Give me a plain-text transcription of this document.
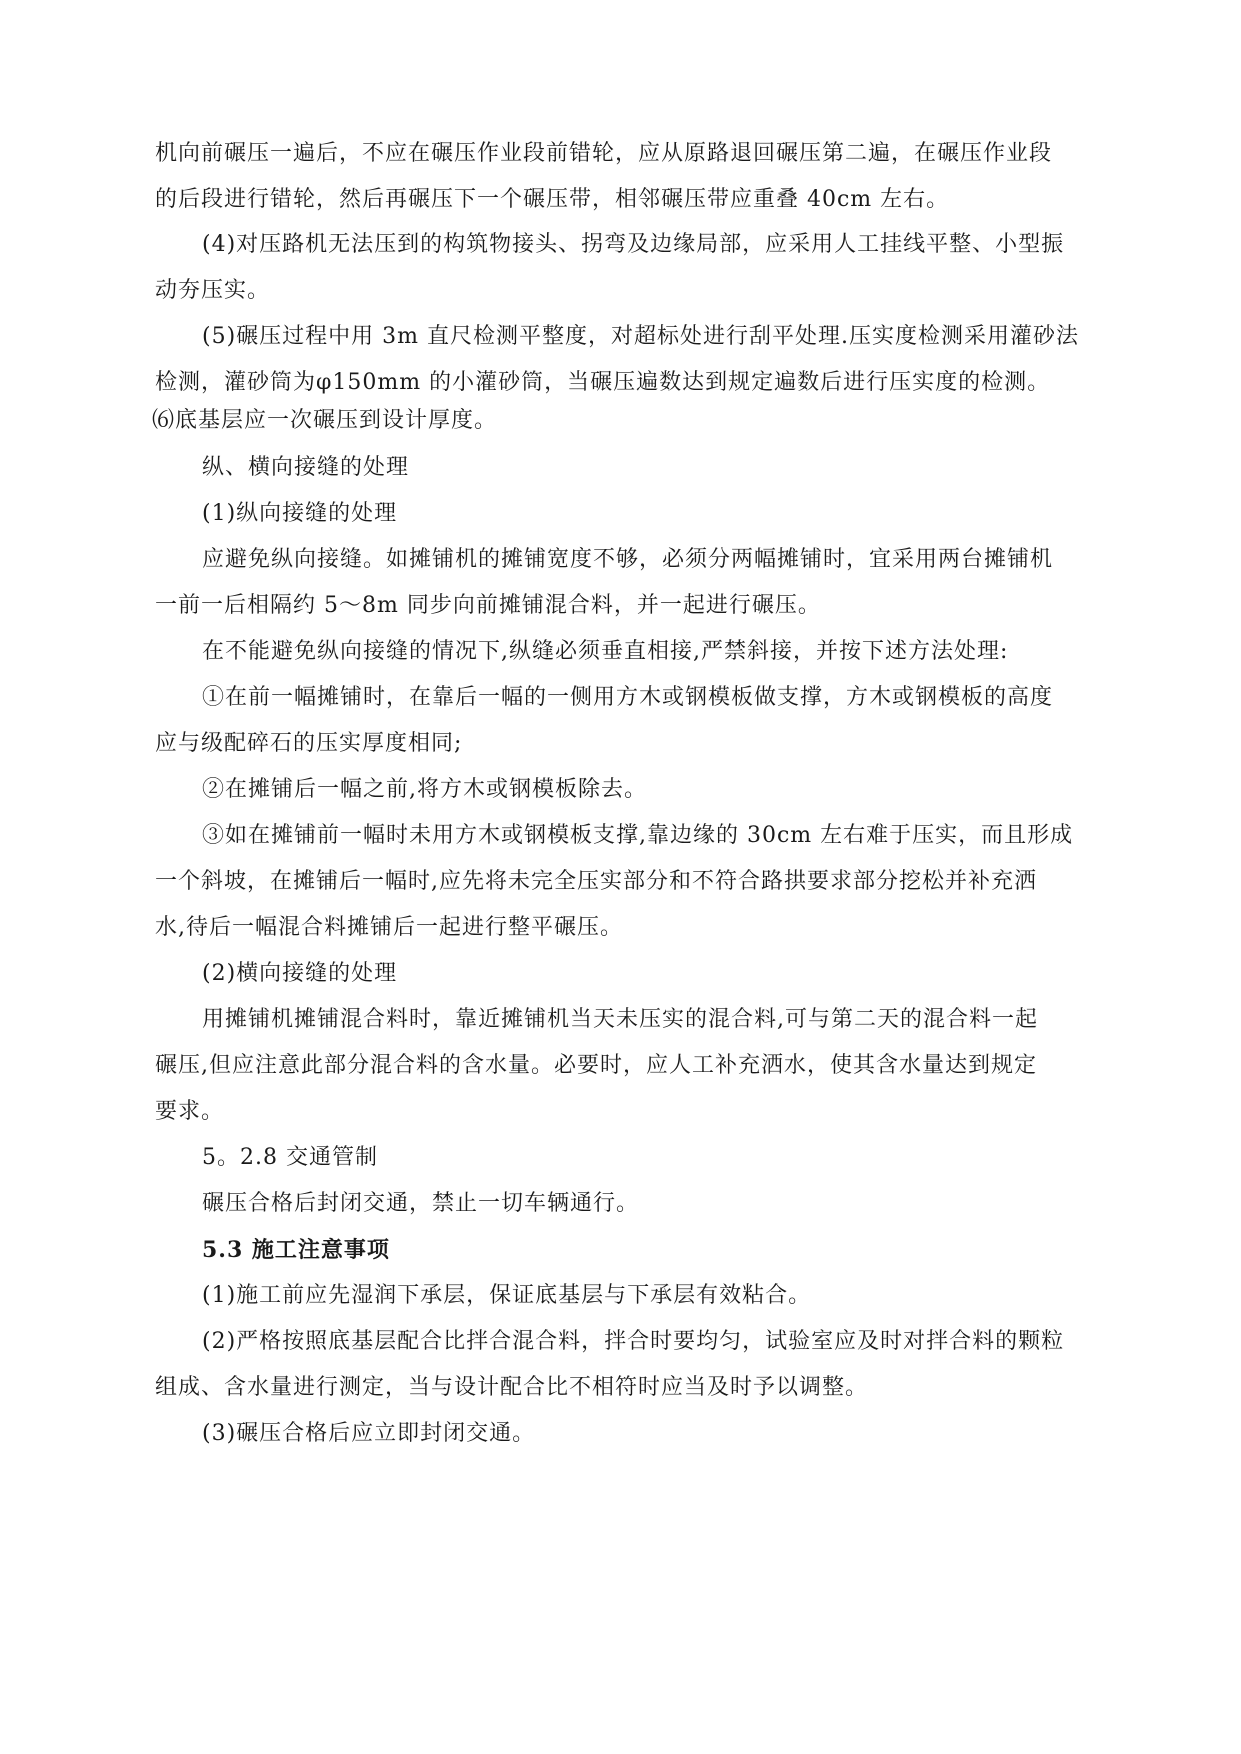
机向前碾压一遍后，不应在碾压作业段前错轮，应从原路退回碾压第二遍，在碾压作业段
的后段进行错轮，然后再碾压下一个碾压带，相邻碾压带应重叠 40cm 左右。
(4)对压路机无法压到的构筑物接头、拐弯及边缘局部，应采用人工挂线平整、小型振
动夯压实。
(5)碾压过程中用 3m 直尺检测平整度，对超标处进行刮平处理.压实度检测采用灌砂法
检测，灌砂筒为φ150mm 的小灌砂筒，当碾压遍数达到规定遍数后进行压实度的检测。
⑹底基层应一次碾压到设计厚度。
纵、横向接缝的处理
(1)纵向接缝的处理
应避免纵向接缝。如摊铺机的摊铺宽度不够，必须分两幅摊铺时，宜采用两台摊铺机
一前一后相隔约 5～8m 同步向前摊铺混合料，并一起进行碾压。
在不能避免纵向接缝的情况下,纵缝必须垂直相接,严禁斜接，并按下述方法处理:
①在前一幅摊铺时，在靠后一幅的一侧用方木或钢模板做支撑，方木或钢模板的高度
应与级配碎石的压实厚度相同;
②在摊铺后一幅之前,将方木或钢模板除去。
③如在摊铺前一幅时未用方木或钢模板支撑,靠边缘的 30cm 左右难于压实，而且形成
一个斜坡，在摊铺后一幅时,应先将未完全压实部分和不符合路拱要求部分挖松并补充洒
水,待后一幅混合料摊铺后一起进行整平碾压。
(2)横向接缝的处理
用摊铺机摊铺混合料时，靠近摊铺机当天未压实的混合料,可与第二天的混合料一起
碾压,但应注意此部分混合料的含水量。必要时，应人工补充洒水，使其含水量达到规定
要求。
5。2.8 交通管制
碾压合格后封闭交通，禁止一切车辆通行。
5.3 施工注意事项
(1)施工前应先湿润下承层，保证底基层与下承层有效粘合。
(2)严格按照底基层配合比拌合混合料，拌合时要均匀，试验室应及时对拌合料的颗粒
组成、含水量进行测定，当与设计配合比不相符时应当及时予以调整。
(3)碾压合格后应立即封闭交通。
